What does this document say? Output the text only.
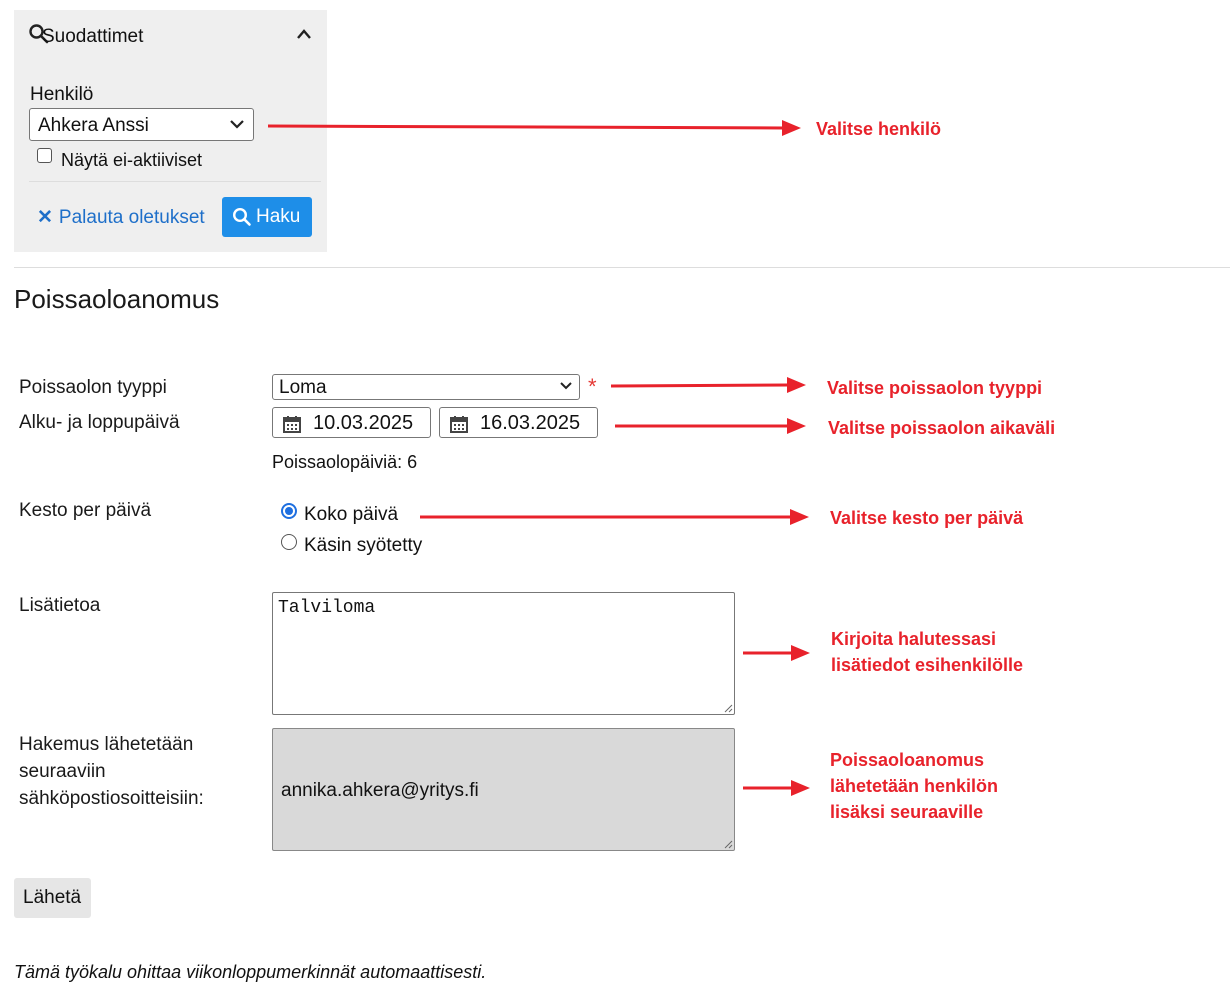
Suodattimet
Henkilö
Ahkera Anssi
Näytä ei-aktiiviset
✕ Palauta oletukset	Haku
Poissaoloanomus
Poissaolon tyyppi	Loma	*
Alku- ja loppupäivä	10.03.2025	16.03.2025
Poissaolopäiviä: 6
Kesto per päivä	Koko päivä
Käsin syötetty
Lisätietoa	Talviloma
Hakemus lähetetään
seuraaviin
sähköpostiosoitteisiin:	annika.ahkera@yritys.fi
Lähetä
Tämä työkalu ohittaa viikonloppumerkinnät automaattisesti.
Valitse henkilö
Valitse poissaolon tyyppi
Valitse poissaolon aikaväli
Valitse kesto per päivä
Kirjoita halutessasi
lisätiedot esihenkilölle
Poissaoloanomus
lähetetään henkilön
lisäksi seuraaville
